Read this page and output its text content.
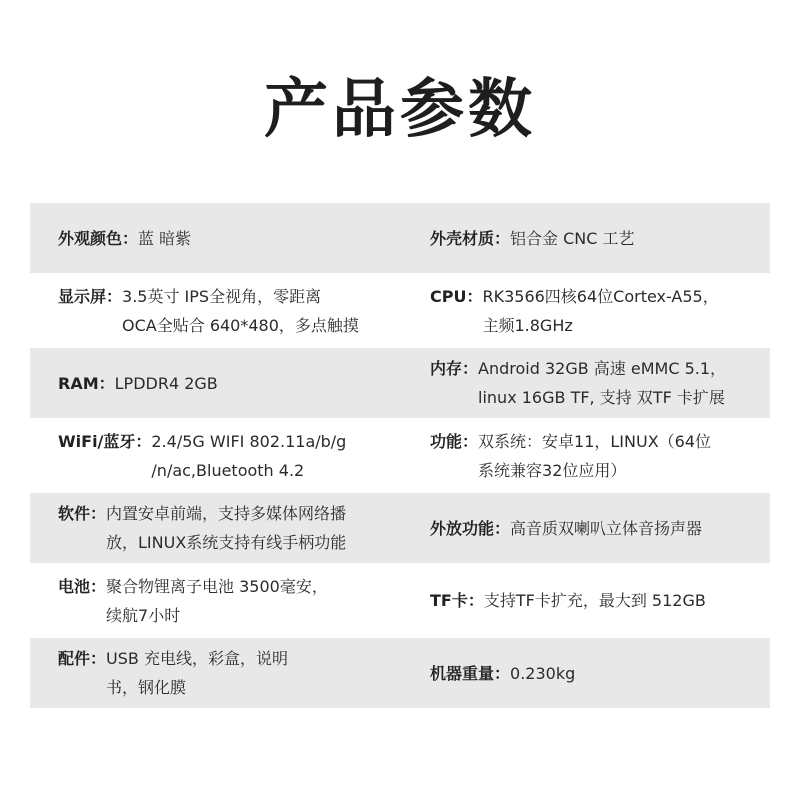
产品参数
外观颜色： 蓝 暗紫	外壳材质： 铝合金 CNC 工艺
显示屏： 3.5英寸 IPS全视角，零距离
OCA全贴合 640*480，多点触摸
CPU： RK3566四核64位Cortex-A55，
主频1.8GHz
RAM： LPDDR4 2GB
内存： Android 32GB 高速 eMMC 5.1，
linux 16GB TF, 支持 双TF 卡扩展
WiFi/蓝牙： 2.4/5G WIFI 802.11a/b/g
/n/ac,Bluetooth 4.2
功能： 双系统：安卓11，LINUX（64位
系统兼容32位应用）
软件： 内置安卓前端，支持多媒体网络播
放，LINUX系统支持有线手柄功能
外放功能： 高音质双喇叭立体音扬声器
电池： 聚合物锂离子电池 3500毫安，
续航7小时
TF卡： 支持TF卡扩充，最大到 512GB
配件： USB 充电线，彩盒，说明
书，钢化膜
机器重量： 0.230kg
